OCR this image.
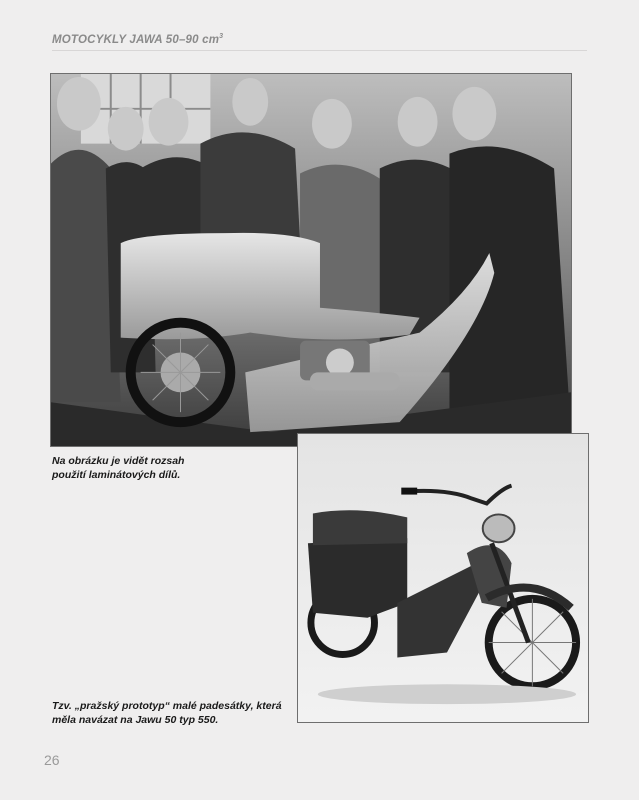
MOTOCYKLY JAWA 50–90 $cm^3$
Na obrázku je vidět rozsah
použití laminátových dílů.
Tzv. „pražský prototyp“ malé padesátky, která
měla navázat na Jawu 50 typ 550.
26
